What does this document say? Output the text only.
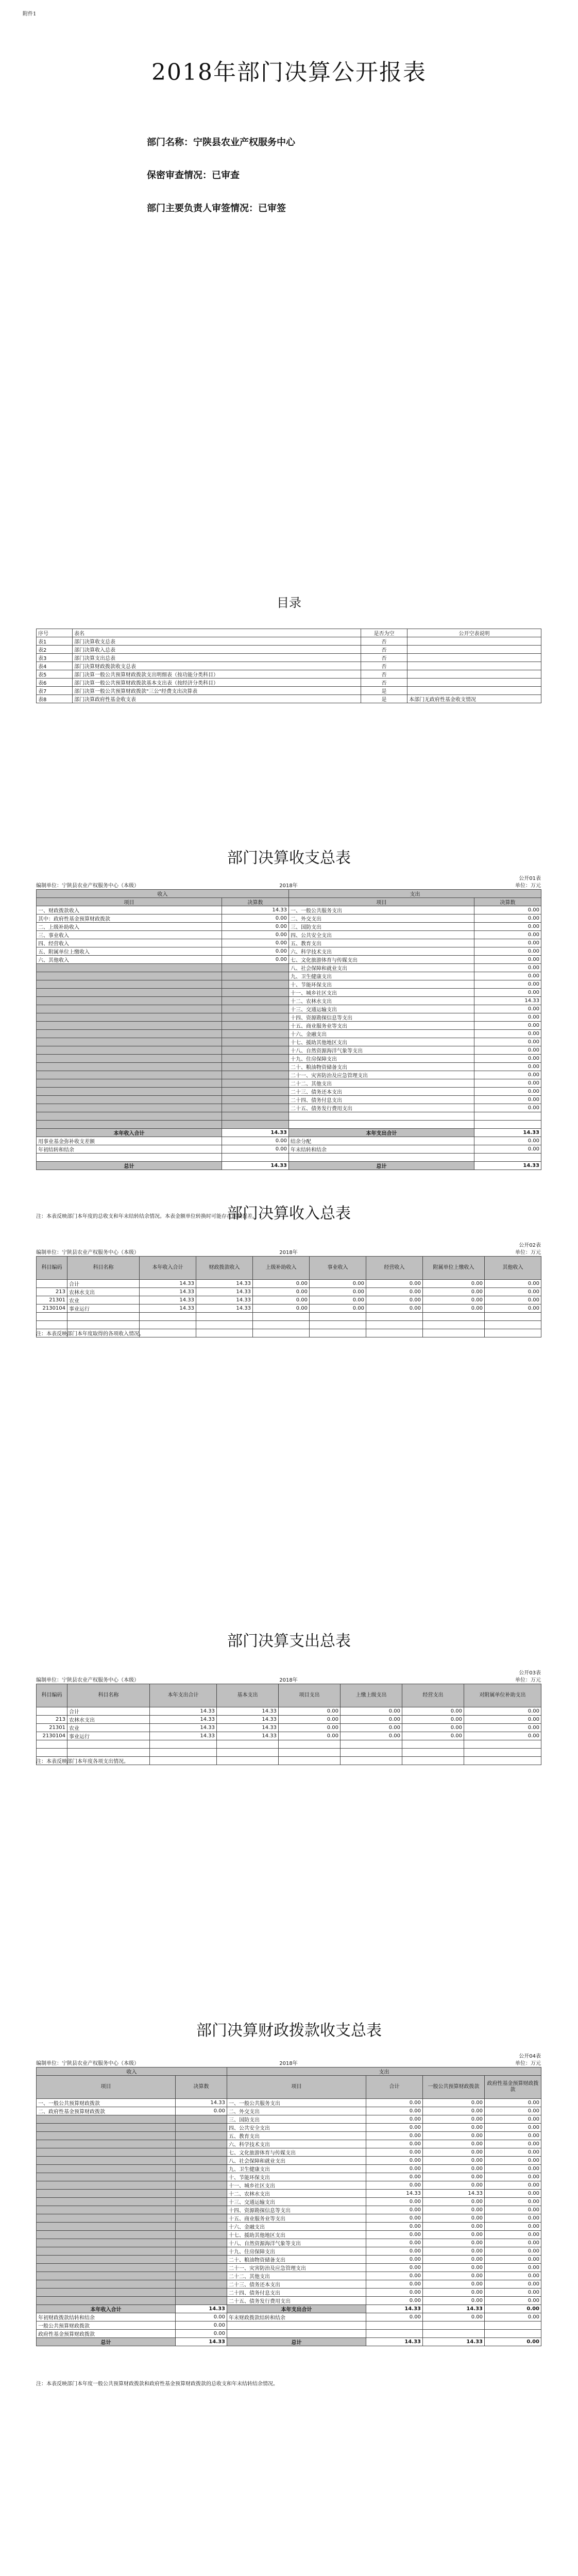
附件1
2018年部门决算公开报表
部门名称：宁陕县农业产权服务中心
保密审查情况：已审查
部门主要负责人审签情况：已审签
目录
序号	表名	是否为空	公开空表说明
表1	部门决算收支总表	否	
表2	部门决算收入总表	否	
表3	部门决算支出总表	否	
表4	部门决算财政拨款收支总表	否	
表5	部门决算一般公共预算财政拨款支出明细表（按功能分类科目）	否	
表6	部门决算一般公共预算财政拨款基本支出表（按经济分类科目）	否	
表7	部门决算一般公共预算财政拨款"三公"经费支出决算表	是	
表8	部门决算政府性基金收支表	是	本部门无政府性基金收支情况
部门决算收支总表
公开01表
编制单位：宁陕县农业产权服务中心（本级）	2018年	单位：万元
收入		支出	
项目	决算数	项目	决算数
一、财政拨款收入	14.33	一、一般公共服务支出	0.00
其中：政府性基金预算财政拨款	0.00	二、外交支出	0.00
二、上级补助收入	0.00	三、国防支出	0.00
三、事业收入	0.00	四、公共安全支出	0.00
四、经营收入	0.00	五、教育支出	0.00
五、附属单位上缴收入	0.00	六、科学技术支出	0.00
六、其他收入	0.00	七、文化旅游体育与传媒支出	0.00
		八、社会保障和就业支出	0.00
		九、卫生健康支出	0.00
		十、节能环保支出	0.00
		十一、城乡社区支出	0.00
		十二、农林水支出	14.33
		十三、交通运输支出	0.00
		十四、资源勘探信息等支出	0.00
		十五、商业服务业等支出	0.00
		十六、金融支出	0.00
		十七、援助其他地区支出	0.00
		十八、自然资源海洋气象等支出	0.00
		十九、住房保障支出	0.00
		二十、粮油物资储备支出	0.00
		二十一、灾害防治及应急管理支出	0.00
		二十二、其他支出	0.00
		二十三、债务还本支出	0.00
		二十四、债务付息支出	0.00
		二十五、债务发行费用支出	0.00

本年收入合计	14.33	本年支出合计	14.33
用事业基金弥补收支差额	0.00	结余分配	0.00
年初结转和结余	0.00	年末结转和结余	0.00

总计	14.33	总计	14.33
注：本表反映部门本年度的总收支和年末结转结余情况。本表金额单位转换时可能存在尾数误差。
部门决算收入总表
公开02表
编制单位：宁陕县农业产权服务中心（本级）	2018年	单位：万元
科目编码	科目名称	本年收入合计	财政拨款收入	上级补助收入	事业收入	经营收入	附属单位上缴收入	其他收入
	合计	14.33	14.33	0.00	0.00	0.00	0.00	0.00
213	农林水支出	14.33	14.33	0.00	0.00	0.00	0.00	0.00
21301	农业	14.33	14.33	0.00	0.00	0.00	0.00	0.00
2130104	事业运行	14.33	14.33	0.00	0.00	0.00	0.00	0.00

注：本表反映部门本年度取得的各项收入情况。
部门决算支出总表
公开03表
编制单位：宁陕县农业产权服务中心（本级）	2018年	单位：万元
科目编码	科目名称	本年支出合计	基本支出	项目支出	上缴上级支出	经营支出	对附属单位补助支出
	合计	14.33	14.33	0.00	0.00	0.00	0.00
213	农林水支出	14.33	14.33	0.00	0.00	0.00	0.00
21301	农业	14.33	14.33	0.00	0.00	0.00	0.00
2130104	事业运行	14.33	14.33	0.00	0.00	0.00	0.00

注：本表反映部门本年度各项支出情况。
部门决算财政拨款收支总表
公开04表
编制单位：宁陕县农业产权服务中心（本级）	2018年	单位：万元
收入		支出			
项目	决算数	项目	合计	一般公共预算财政拨款	政府性基金预算财政拨款
一、一般公共预算财政拨款	14.33	一、一般公共服务支出	0.00	0.00	0.00
二、政府性基金预算财政拨款	0.00	二、外交支出	0.00	0.00	0.00
		三、国防支出	0.00	0.00	0.00
		四、公共安全支出	0.00	0.00	0.00
		五、教育支出	0.00	0.00	0.00
		六、科学技术支出	0.00	0.00	0.00
		七、文化旅游体育与传媒支出	0.00	0.00	0.00
		八、社会保障和就业支出	0.00	0.00	0.00
		九、卫生健康支出	0.00	0.00	0.00
		十、节能环保支出	0.00	0.00	0.00
		十一、城乡社区支出	0.00	0.00	0.00
		十二、农林水支出	14.33	14.33	0.00
		十三、交通运输支出	0.00	0.00	0.00
		十四、资源勘探信息等支出	0.00	0.00	0.00
		十五、商业服务业等支出	0.00	0.00	0.00
		十六、金融支出	0.00	0.00	0.00
		十七、援助其他地区支出	0.00	0.00	0.00
		十八、自然资源海洋气象等支出	0.00	0.00	0.00
		十九、住房保障支出	0.00	0.00	0.00
		二十、粮油物资储备支出	0.00	0.00	0.00
		二十一、灾害防治及应急管理支出	0.00	0.00	0.00
		二十二、其他支出	0.00	0.00	0.00
		二十三、债务还本支出	0.00	0.00	0.00
		二十四、债务付息支出	0.00	0.00	0.00
		二十五、债务发行费用支出	0.00	0.00	0.00
本年收入合计	14.33	本年支出合计	14.33	14.33	0.00
年初财政拨款结转和结余	0.00	年末财政拨款结转和结余	0.00	0.00	0.00
一般公共预算财政拨款	0.00				
政府性基金预算财政拨款	0.00				
总计	14.33	总计	14.33	14.33	0.00
注：本表反映部门本年度一般公共预算财政拨款和政府性基金预算财政拨款的总收支和年末结转结余情况。
